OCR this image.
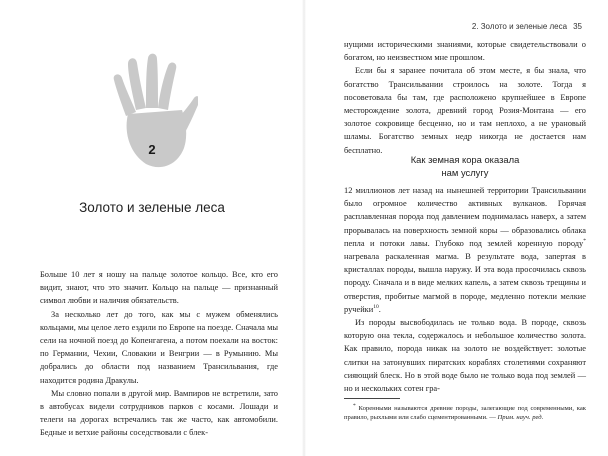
2
Золото и зеленые леса

Больше 10 лет я ношу на пальце золотое кольцо. Все, кто его видит, знают, что это значит. Кольцо на пальце — признанный символ любви и наличия обязательств.

За несколько лет до того, как мы с мужем обменялись кольцами, мы целое лето ездили по Европе на поезде. Сначала мы сели на ночной поезд до Копенгагена, а потом поехали на восток: по Германии, Чехии, Словакии и Венгрии — в Румынию. Мы добрались до области под названием Трансильвания, где находится родина Дракулы.

Мы словно попали в другой мир. Вампиров не встретили, зато в автобусах видели сотрудников парков с косами. Лошади и телеги на дорогах встречались так же часто, как автомобили. Бедные и ветхие районы соседствовали с блек-

2. Золото и зеленые леса 35

нущими историческими знаниями, которые свидетельствовали о богатом, но неизвестном мне прошлом.

Если бы я заранее почитала об этом месте, я бы знала, что богатство Трансильвании строилось на золоте. Тогда я посоветовала бы там, где расположено крупнейшее в Европе месторождение золота, древний город Розия-Монтана — его золотое сокровище бесценно, но и там неплохо, а не урановый шламы. Богатство земных недр никогда не достается нам бесплатно.

Как земная кора оказала
нам услугу

12 миллионов лет назад на нынешней территории Трансильвании было огромное количество активных вулканов. Горячая расплавленная порода под давлением поднималась наверх, а затем прорывалась на поверхность земной коры — образовались облака пепла и потоки лавы. Глубоко под землей коренную породу* нагревала раскаленная магма. В результате вода, запертая в кристаллах породы, вышла наружу. И эта вода просочилась сквозь породу. Сначала и в виде мелких капель, а затем сквозь трещины и отверстия, пробитые магмой в породе, медленно потекли мелкие ручейки$^{10}$.

Из породы высвободилась не только вода. В породе, сквозь которую она текла, содержалось и небольшое количество золота. Как правило, порода никак на золото не воздействует: золотые слитки на затонувших пиратских кораблях столетиями сохраняют сияющий блеск. Но в этой воде было не только вода под землей — но и нескольких сотен гра-

* Коренными называются древние породы, залегающие под современными, как правило, рыхлыми или слабо сцементированными. — Прим. науч. ред.
